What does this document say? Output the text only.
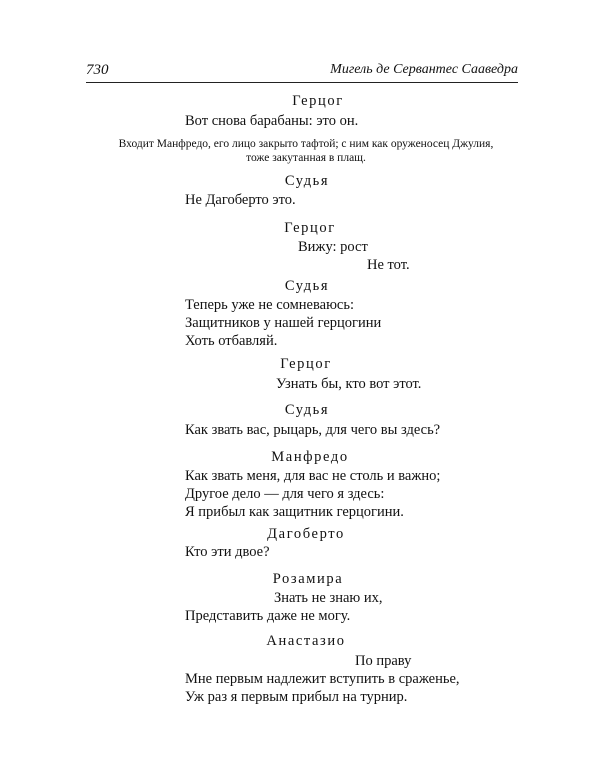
730	Мигель де Сервантес Сааведра
Герцог
Вот снова барабаны: это он.
Входит Манфредо, его лицо закрыто тафтой; с ним как оруженосец Джулия,
тоже закутанная в плащ.
Судья
Не Дагоберто это.
Герцог
Вижу: рост
Не тот.
Судья
Теперь уже не сомневаюсь:
Защитников у нашей герцогини
Хоть отбавляй.
Герцог
Узнать бы, кто вот этот.
Судья
Как звать вас, рыцарь, для чего вы здесь?
Манфредо
Как звать меня, для вас не столь и важно;
Другое дело — для чего я здесь:
Я прибыл как защитник герцогини.
Дагоберто
Кто эти двое?
Розамира
Знать не знаю их,
Представить даже не могу.
Анастазио
По праву
Мне первым надлежит вступить в сраженье,
Уж раз я первым прибыл на турнир.
